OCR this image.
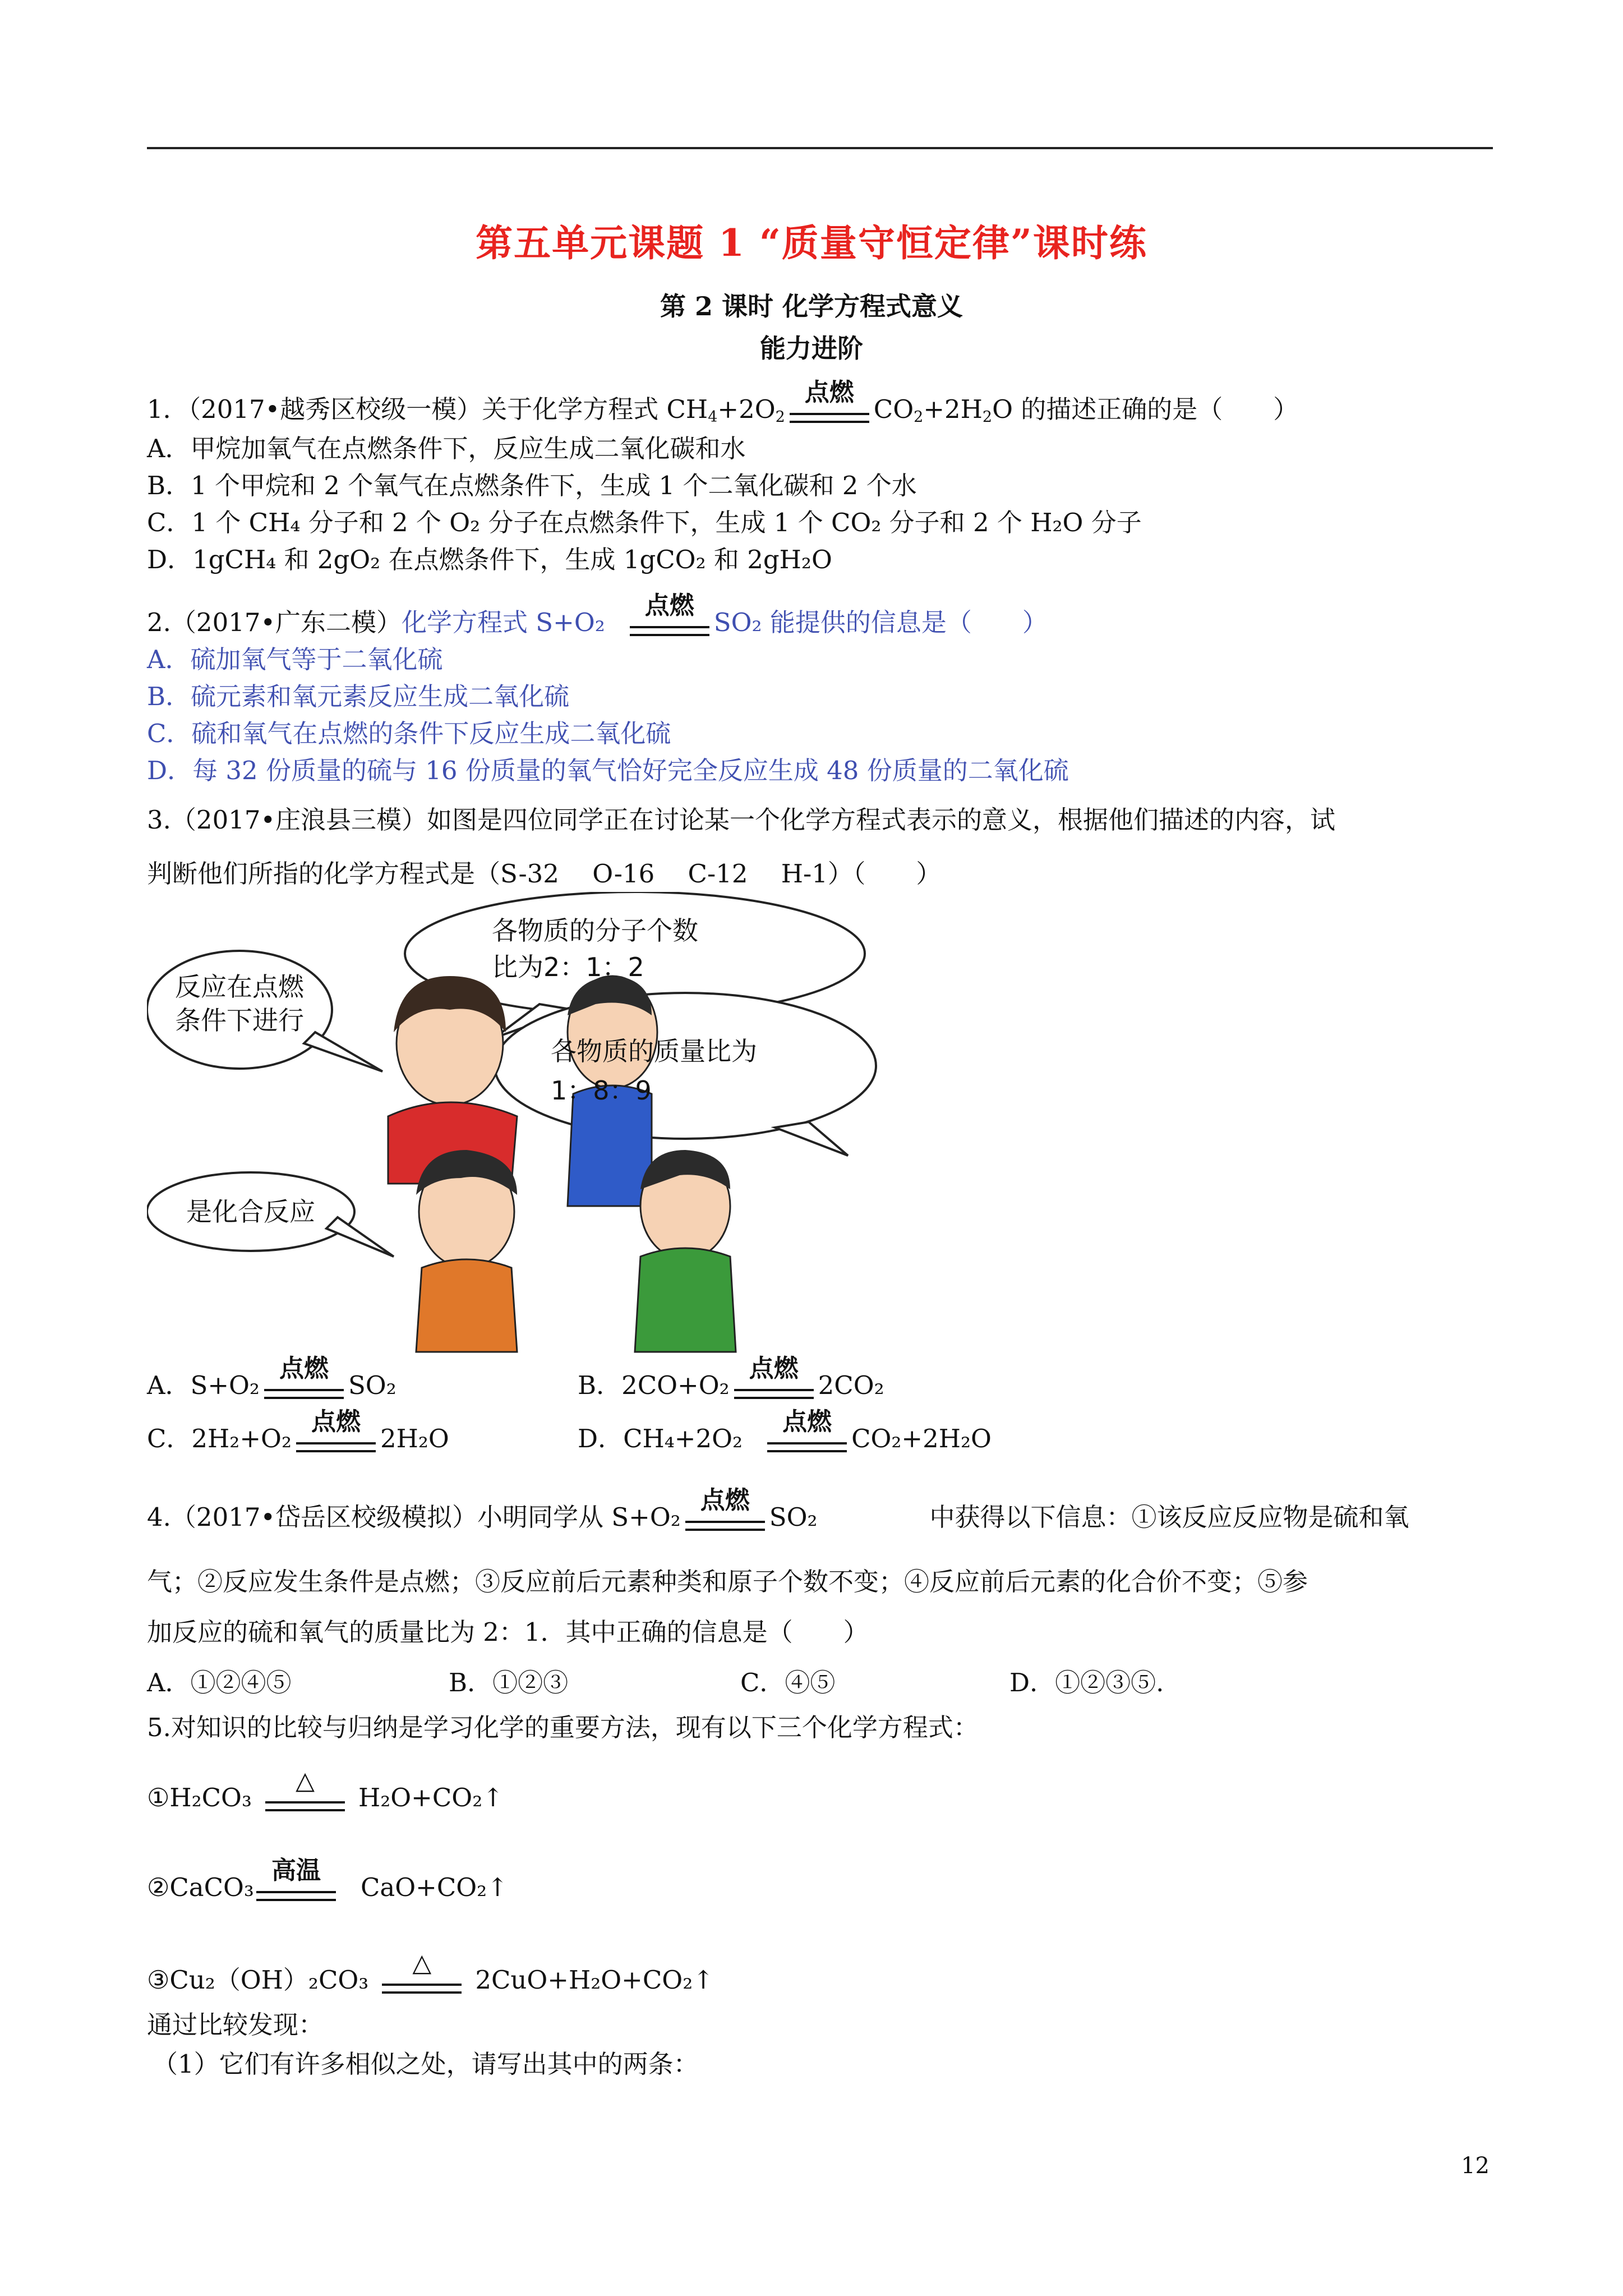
第五单元课题 1 “质量守恒定律”课时练
第 2 课时 化学方程式意义
能力进阶
1．（2017•越秀区校级一模）关于化学方程式 $CH_4+2O_2$
点燃
$CO_2+2H_2O$ 的描述正确的是（　　）
A．甲烷加氧气在点燃条件下，反应生成二氧化碳和水
B．1 个甲烷和 2 个氧气在点燃条件下，生成 1 个二氧化碳和 2 个水
C．1 个 CH₄ 分子和 2 个 O₂ 分子在点燃条件下，生成 1 个 CO₂ 分子和 2 个 H₂O 分子
D．1gCH₄ 和 2gO₂ 在点燃条件下，生成 1gCO₂ 和 2gH₂O
2.（2017•广东二模）化学方程式 S+O₂
点燃
SO₂ 能提供的信息是（　　）
A．硫加氧气等于二氧化硫
B．硫元素和氧元素反应生成二氧化硫
C．硫和氧气在点燃的条件下反应生成二氧化硫
D．每 32 份质量的硫与 16 份质量的氧气恰好完全反应生成 48 份质量的二氧化硫
3.（2017•庄浪县三模）如图是四位同学正在讨论某一个化学方程式表示的意义，根据他们描述的内容，试
判断他们所指的化学方程式是（S-32　 O-16　 C-12　 H-1）（　　）
反应在点燃
条件下进行
各物质的分子个数
比为2：1：2
各物质的质量比为
1：8：9
是化合反应
A．S+O₂
点燃
SO₂	B．2CO+O₂
点燃
2CO₂
C．2H₂+O₂
点燃
2H₂O	D．CH₄+2O₂
点燃
CO₂+2H₂O
4.（2017•岱岳区校级模拟）小明同学从 S+O₂
点燃
SO₂	中获得以下信息：①该反应反应物是硫和氧
气；②反应发生条件是点燃；③反应前后元素种类和原子个数不变；④反应前后元素的化合价不变；⑤参
加反应的硫和氧气的质量比为 2：1．其中正确的信息是（　　）
A．①②④⑤	B．①②③	C．④⑤	D．①②③⑤.
5.对知识的比较与归纳是学习化学的重要方法，现有以下三个化学方程式：
①H₂CO₃
△
H₂O+CO₂↑
②CaCO₃
高温
CaO+CO₂↑
③Cu₂（OH）₂CO₃
△
2CuO+H₂O+CO₂↑
通过比较发现：
（1）它们有许多相似之处，请写出其中的两条：
12
